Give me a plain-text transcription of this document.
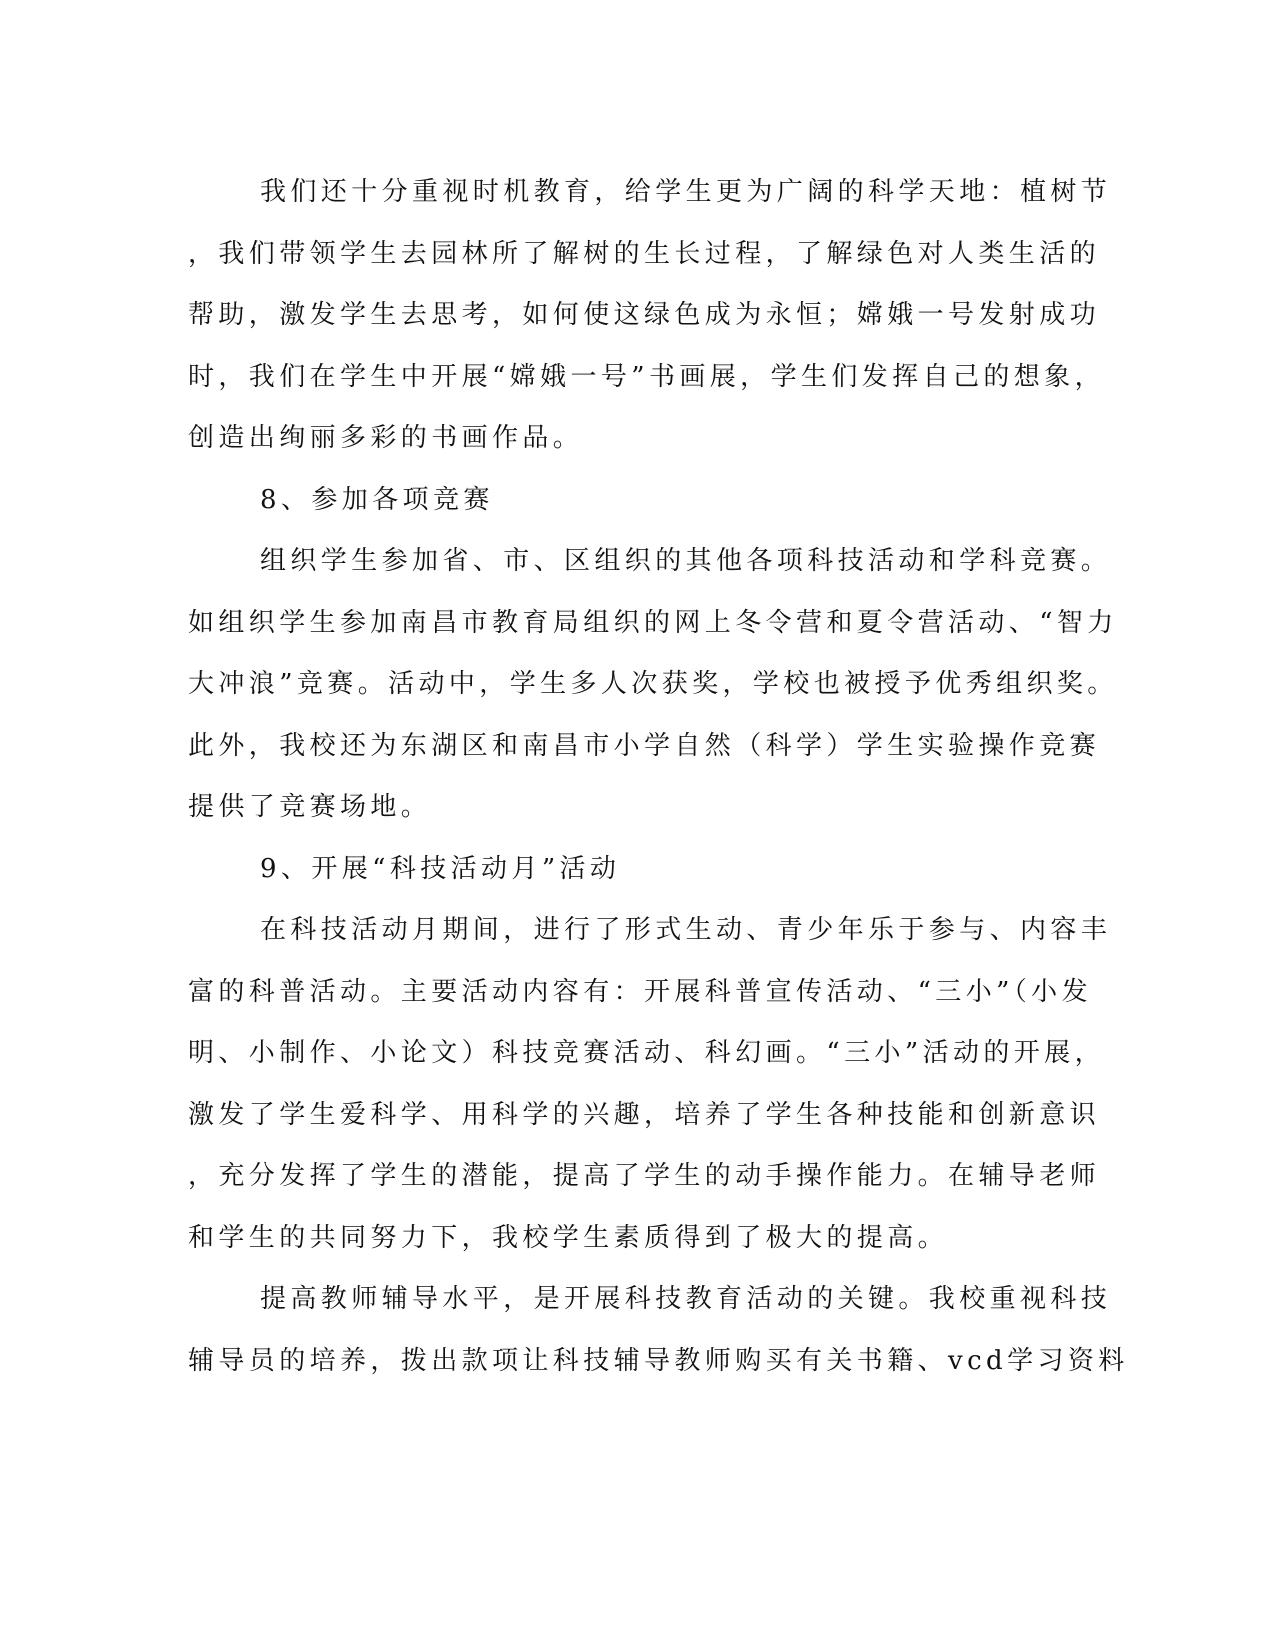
我们还十分重视时机教育，给学生更为广阔的科学天地：植树节
，我们带领学生去园林所了解树的生长过程，了解绿色对人类生活的
帮助，激发学生去思考，如何使这绿色成为永恒；嫦娥一号发射成功
时，我们在学生中开展“嫦娥一号”书画展，学生们发挥自己的想象，
创造出绚丽多彩的书画作品。
8、参加各项竞赛
组织学生参加省、市、区组织的其他各项科技活动和学科竞赛。
如组织学生参加南昌市教育局组织的网上冬令营和夏令营活动、“智力
大冲浪”竞赛。活动中，学生多人次获奖，学校也被授予优秀组织奖。
此外，我校还为东湖区和南昌市小学自然（科学）学生实验操作竞赛
提供了竞赛场地。
9、开展“科技活动月”活动
在科技活动月期间，进行了形式生动、青少年乐于参与、内容丰
富的科普活动。主要活动内容有：开展科普宣传活动、“三小”（小发
明、小制作、小论文）科技竞赛活动、科幻画。“三小”活动的开展，
激发了学生爱科学、用科学的兴趣，培养了学生各种技能和创新意识
，充分发挥了学生的潜能，提高了学生的动手操作能力。在辅导老师
和学生的共同努力下，我校学生素质得到了极大的提高。
提高教师辅导水平，是开展科技教育活动的关键。我校重视科技
辅导员的培养，拨出款项让科技辅导教师购买有关书籍、vcd学习资料
